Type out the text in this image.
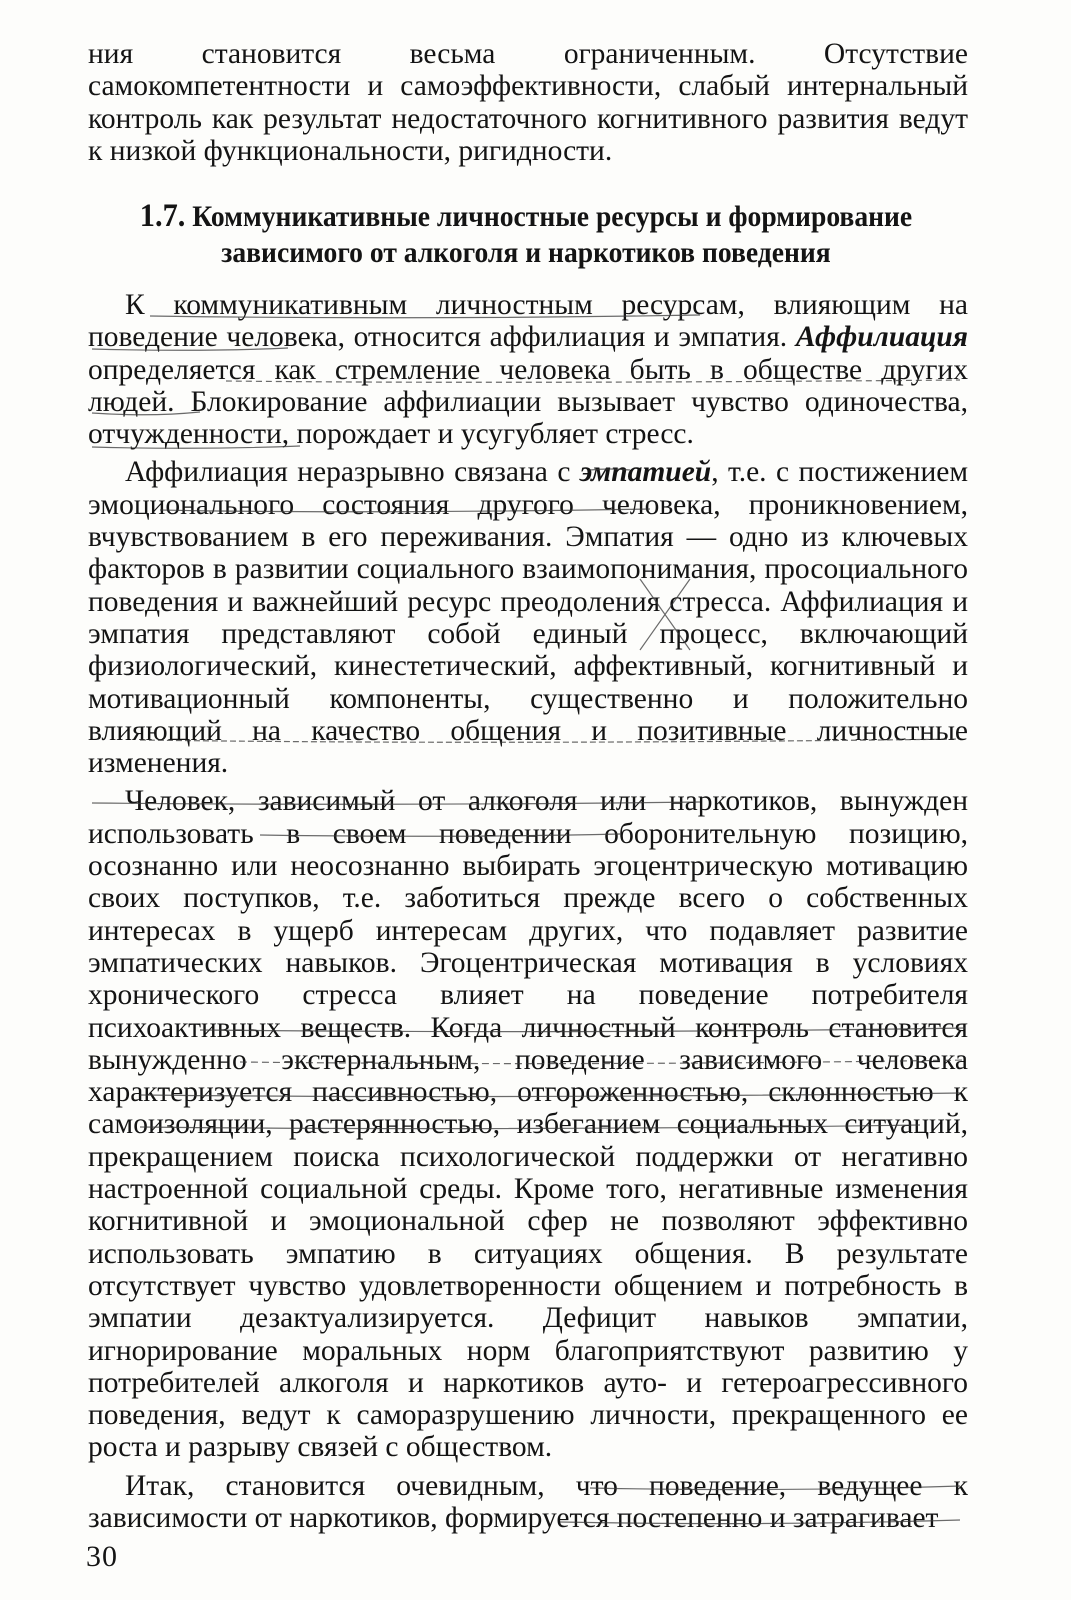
ния становится весьма ограниченным. Отсутствие самокомпетентности и самоэффективности, слабый интернальный контроль как результат недостаточного когнитивного развития ведут к низкой функциональности, ригидности.

1.7. Коммуникативные личностные ресурсы и формирование

зависимого от алкоголя и наркотиков поведения

К коммуникативным личностным ресурсам, влияющим на поведение человека, относится аффилиация и эмпатия. Аффилиация определяется как стремление человека быть в обществе других людей. Блокирование аффилиации вызывает чувство одиночества, отчужденности, порождает и усугубляет стресс.

Аффилиация неразрывно связана с эмпатией, т.е. с постижением эмоционального состояния другого человека, проникновением, вчувствованием в его переживания. Эмпатия — одно из ключевых факторов в развитии социального взаимопонимания, просоциального поведения и важнейший ресурс преодоления стресса. Аффилиация и эмпатия представляют собой единый процесс, включающий физиологический, кинестетический, аффективный, когнитивный и мотивационный компоненты, существенно и положительно влияющий на качество общения и позитивные личностные изменения.

Человек, зависимый от алкоголя или наркотиков, вынужден использовать в своем поведении оборонительную позицию, осознанно или неосознанно выбирать эгоцентрическую мотивацию своих поступков, т.е. заботиться прежде всего о собственных интересах в ущерб интересам других, что подавляет развитие эмпатических навыков. Эгоцентрическая мотивация в условиях хронического стресса влияет на поведение потребителя психоактивных веществ. Когда личностный контроль становится вынужденно экстернальным, поведение зависимого человека характеризуется пассивностью, отгороженностью, склонностью к самоизоляции, растерянностью, избеганием социальных ситуаций, прекращением поиска психологической поддержки от негативно настроенной социальной среды. Кроме того, негативные изменения когнитивной и эмоциональной сфер не позволяют эффективно использовать эмпатию в ситуациях общения. В результате отсутствует чувство удовлетворенности общением и потребность в эмпатии дезактуализируется. Дефицит навыков эмпатии, игнорирование моральных норм благоприятствуют развитию у потребителей алкоголя и наркотиков ауто- и гетероагрессивного поведения, ведут к саморазрушению личности, прекращенного ее роста и разрыву связей с обществом.

Итак, становится очевидным, что поведение, ведущее к зависимости от наркотиков, формируется постепенно и затрагивает

30
